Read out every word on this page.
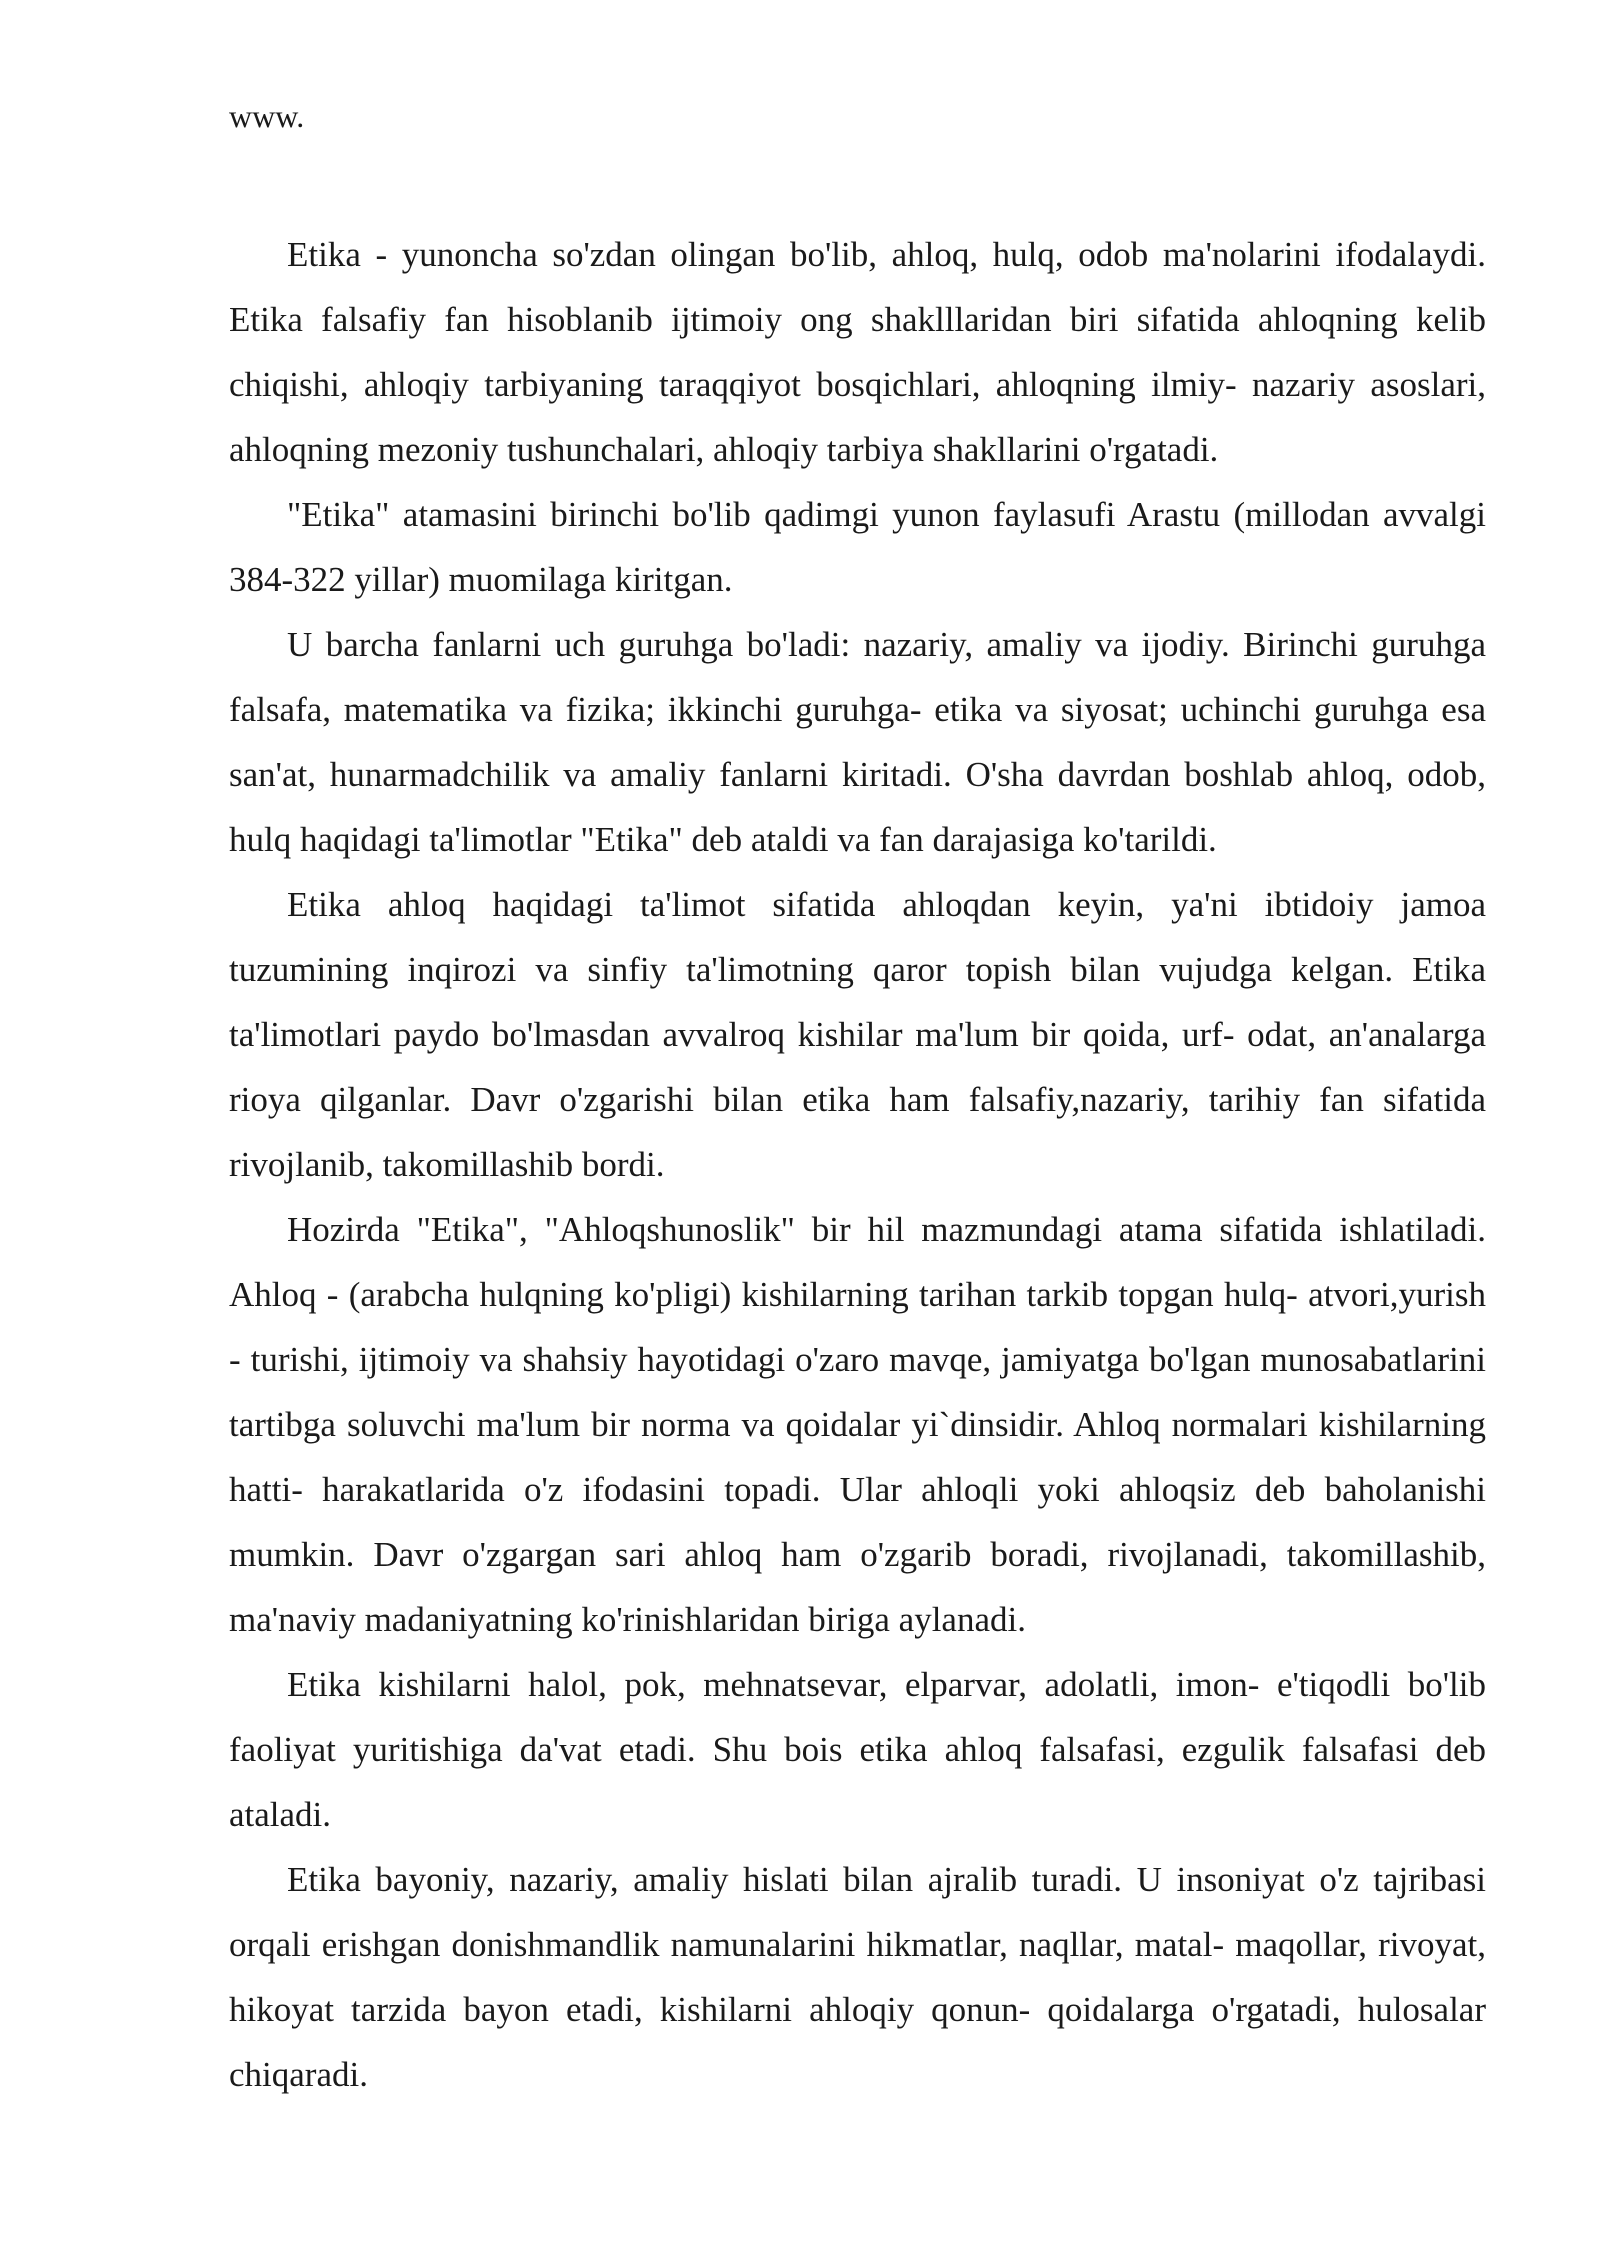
www.

Etika - yunoncha so'zdan olingan bo'lib, ahloq, hulq, odob ma'nolarini ifodalaydi. Etika falsafiy fan hisoblanib ijtimoiy ong shaklllaridan biri sifatida ahloqning kelib chiqishi, ahloqiy tarbiyaning taraqqiyot bosqichlari, ahloqning ilmiy- nazariy asoslari, ahloqning mezoniy tushunchalari, ahloqiy tarbiya shakllarini o'rgatadi.

"Etika" atamasini birinchi bo'lib qadimgi yunon faylasufi Arastu (millodan avvalgi 384-322 yillar) muomilaga kiritgan.

U barcha fanlarni uch guruhga bo'ladi: nazariy, amaliy va ijodiy. Birinchi guruhga falsafa, matematika va fizika; ikkinchi guruhga- etika va siyosat; uchinchi guruhga esa san'at, hunarmadchilik va amaliy fanlarni kiritadi. O'sha davrdan boshlab ahloq, odob, hulq haqidagi ta'limotlar "Etika" deb ataldi va fan darajasiga ko'tarildi.

Etika ahloq haqidagi ta'limot sifatida ahloqdan keyin, ya'ni ibtidoiy jamoa tuzumining inqirozi va sinfiy ta'limotning qaror topish bilan vujudga kelgan. Etika ta'limotlari paydo bo'lmasdan avvalroq kishilar ma'lum bir qoida, urf- odat, an'analarga rioya qilganlar. Davr o'zgarishi bilan etika ham falsafiy,nazariy, tarihiy fan sifatida rivojlanib, takomillashib bordi.

Hozirda "Etika", "Ahloqshunoslik" bir hil mazmundagi atama sifatida ishlatiladi. Ahloq - (arabcha hulqning ko'pligi) kishilarning tarihan tarkib topgan hulq- atvori,yurish - turishi, ijtimoiy va shahsiy hayotidagi o'zaro mavqe, jamiyatga bo'lgan munosabatlarini tartibga soluvchi ma'lum bir norma va qoidalar yi`dinsidir. Ahloq normalari kishilarning hatti- harakatlarida o'z ifodasini topadi. Ular ahloqli yoki ahloqsiz deb baholanishi mumkin. Davr o'zgargan sari ahloq ham o'zgarib boradi, rivojlanadi, takomillashib, ma'naviy madaniyatning ko'rinishlaridan biriga aylanadi.

Etika kishilarni halol, pok, mehnatsevar, elparvar, adolatli, imon- e'tiqodli bo'lib faoliyat yuritishiga da'vat etadi. Shu bois etika ahloq falsafasi, ezgulik falsafasi deb ataladi.

Etika bayoniy, nazariy, amaliy hislati bilan ajralib turadi. U insoniyat o'z tajribasi orqali erishgan donishmandlik namunalarini hikmatlar, naqllar, matal- maqollar, rivoyat, hikoyat tarzida bayon etadi, kishilarni ahloqiy qonun- qoidalarga o'rgatadi, hulosalar chiqaradi.
